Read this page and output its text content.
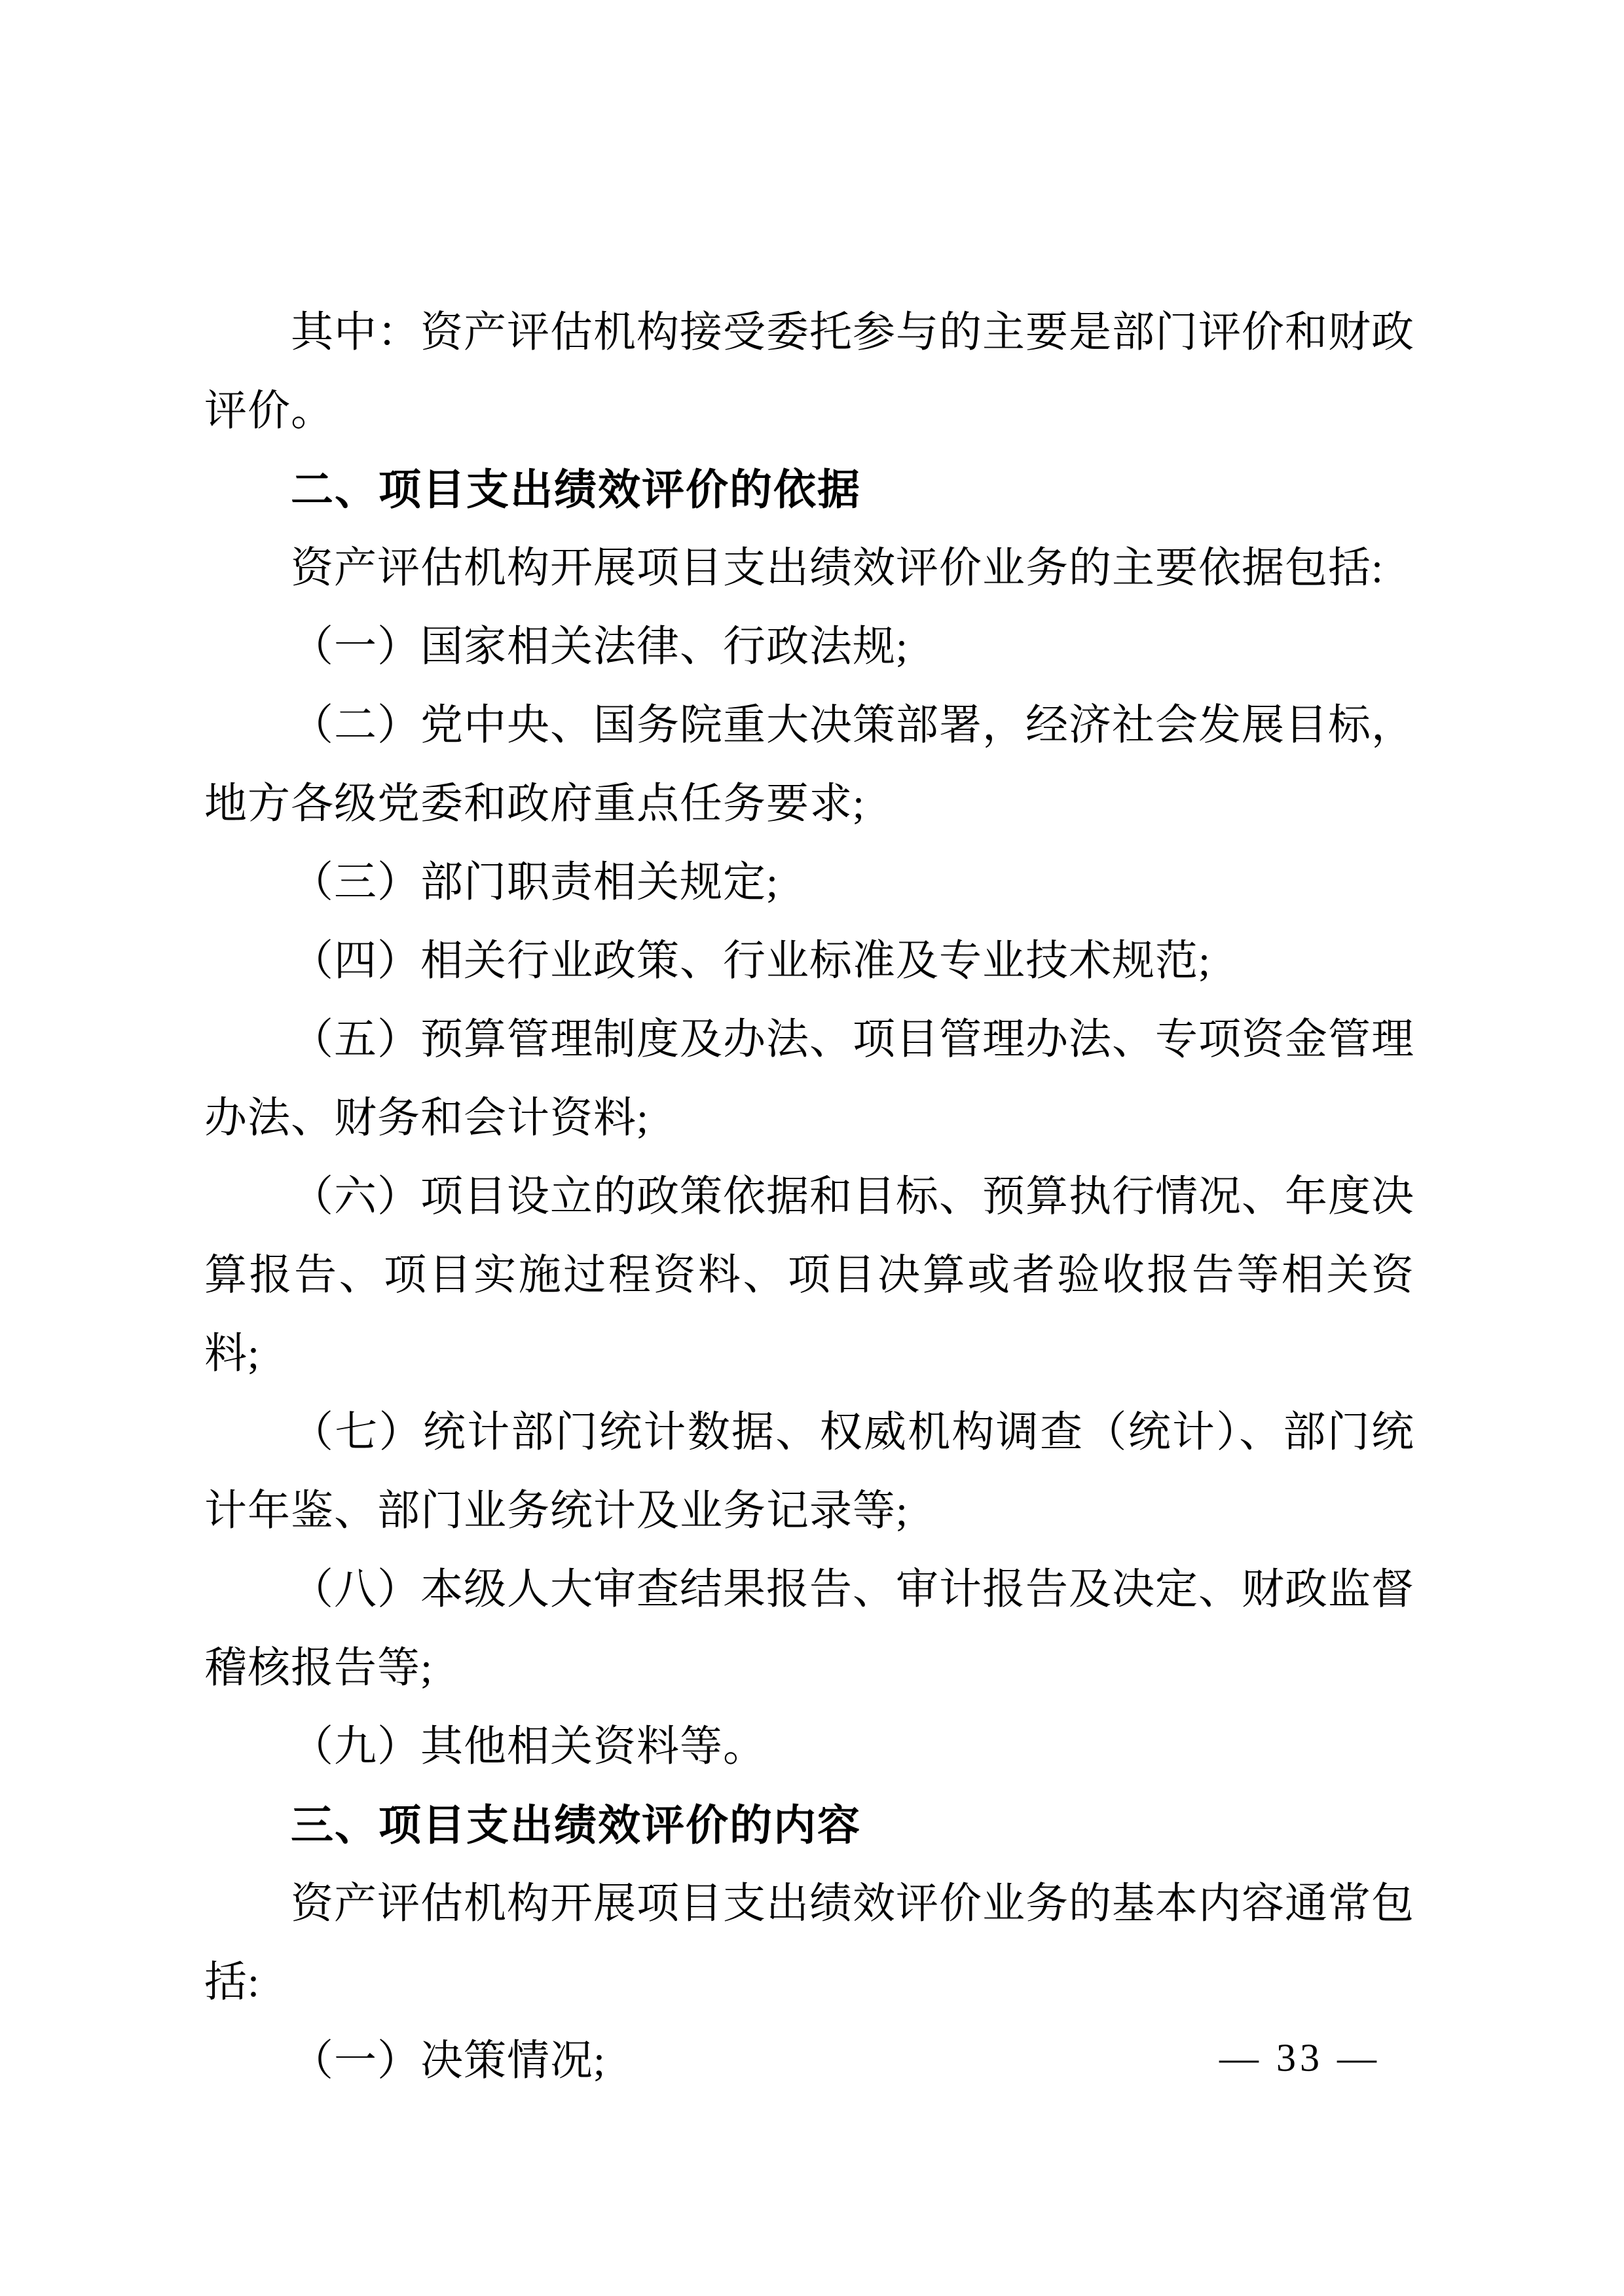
其中：资产评估机构接受委托参与的主要是部门评价和财政评价。

二、项目支出绩效评价的依据

资产评估机构开展项目支出绩效评价业务的主要依据包括:

（一）国家相关法律、行政法规;

（二）党中央、国务院重大决策部署，经济社会发展目标，地方各级党委和政府重点任务要求;

（三）部门职责相关规定;

（四）相关行业政策、行业标准及专业技术规范;

（五）预算管理制度及办法、项目管理办法、专项资金管理办法、财务和会计资料;

（六）项目设立的政策依据和目标、预算执行情况、年度决算报告、项目实施过程资料、项目决算或者验收报告等相关资料;

（七）统计部门统计数据、权威机构调查（统计）、部门统计年鉴、部门业务统计及业务记录等;

（八）本级人大审查结果报告、审计报告及决定、财政监督稽核报告等;

（九）其他相关资料等。

三、项目支出绩效评价的内容

资产评估机构开展项目支出绩效评价业务的基本内容通常包括:

（一）决策情况;	— 33 —
